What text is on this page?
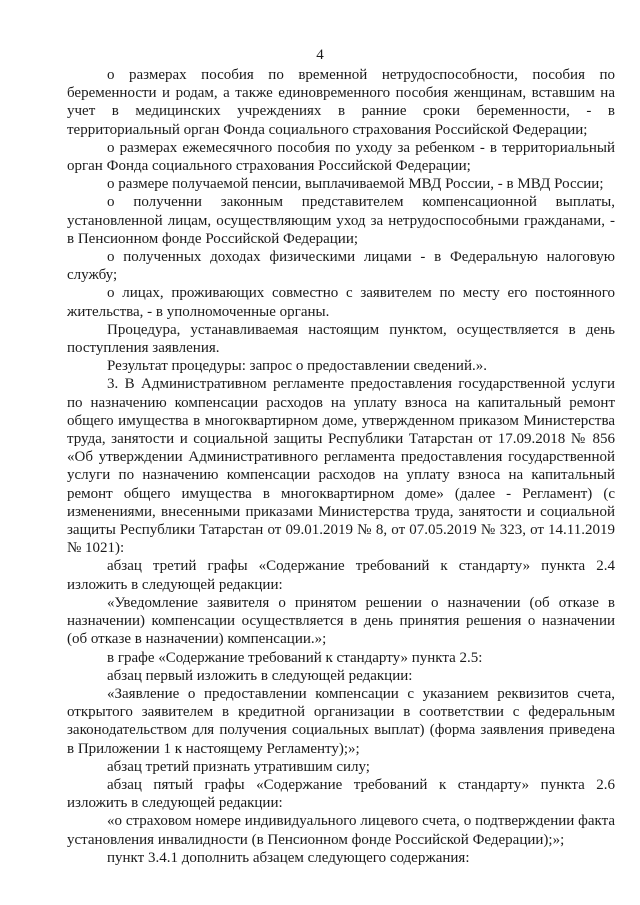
4

о размерах пособия по временной нетрудоспособности, пособия по беременности и родам, а также единовременного пособия женщинам, вставшим на учет в медицинских учреждениях в ранние сроки беременности, - в территориальный орган Фонда социального страхования Российской Федерации;

о размерах ежемесячного пособия по уходу за ребенком - в территориальный орган Фонда социального страхования Российской Федерации;

о размере получаемой пенсии, выплачиваемой МВД России, - в МВД России;

о полученни законным представителем компенсационной выплаты, установленной лицам, осуществляющим уход за нетрудоспособными гражданами, - в Пенсионном фонде Российской Федерации;

о полученных доходах физическими лицами - в Федеральную налоговую службу;

о лицах, проживающих совместно с заявителем по месту его постоянного жительства, - в уполномоченные органы.

Процедура, устанавливаемая настоящим пунктом, осуществляется в день поступления заявления.

Результат процедуры: запрос о предоставлении сведений.».

3. В Административном регламенте предоставления государственной услуги по назначению компенсации расходов на уплату взноса на капитальный ремонт общего имущества в многоквартирном доме, утвержденном приказом Министерства труда, занятости и социальной защиты Республики Татарстан от 17.09.2018 № 856 «Об утверждении Административного регламента предоставления государственной услуги по назначению компенсации расходов на уплату взноса на капитальный ремонт общего имущества в многоквартирном доме» (далее - Регламент) (с изменениями, внесенными приказами Министерства труда, занятости и социальной защиты Республики Татарстан от 09.01.2019 № 8, от 07.05.2019 № 323, от 14.11.2019 № 1021):

абзац третий графы «Содержание требований к стандарту» пункта 2.4 изложить в следующей редакции:

«Уведомление заявителя о принятом решении о назначении (об отказе в назначении) компенсации осуществляется в день принятия решения о назначении (об отказе в назначении) компенсации.»;

в графе «Содержание требований к стандарту» пункта 2.5:

абзац первый изложить в следующей редакции:

«Заявление о предоставлении компенсации с указанием реквизитов счета, открытого заявителем в кредитной организации в соответствии с федеральным законодательством для получения социальных выплат) (форма заявления приведена в Приложении 1 к настоящему Регламенту);»;

абзац третий признать утратившим силу;

абзац пятый графы «Содержание требований к стандарту» пункта 2.6 изложить в следующей редакции:

«о страховом номере индивидуального лицевого счета, о подтверждении факта установления инвалидности (в Пенсионном фонде Российской Федерации);»;

пункт 3.4.1 дополнить абзацем следующего содержания:
